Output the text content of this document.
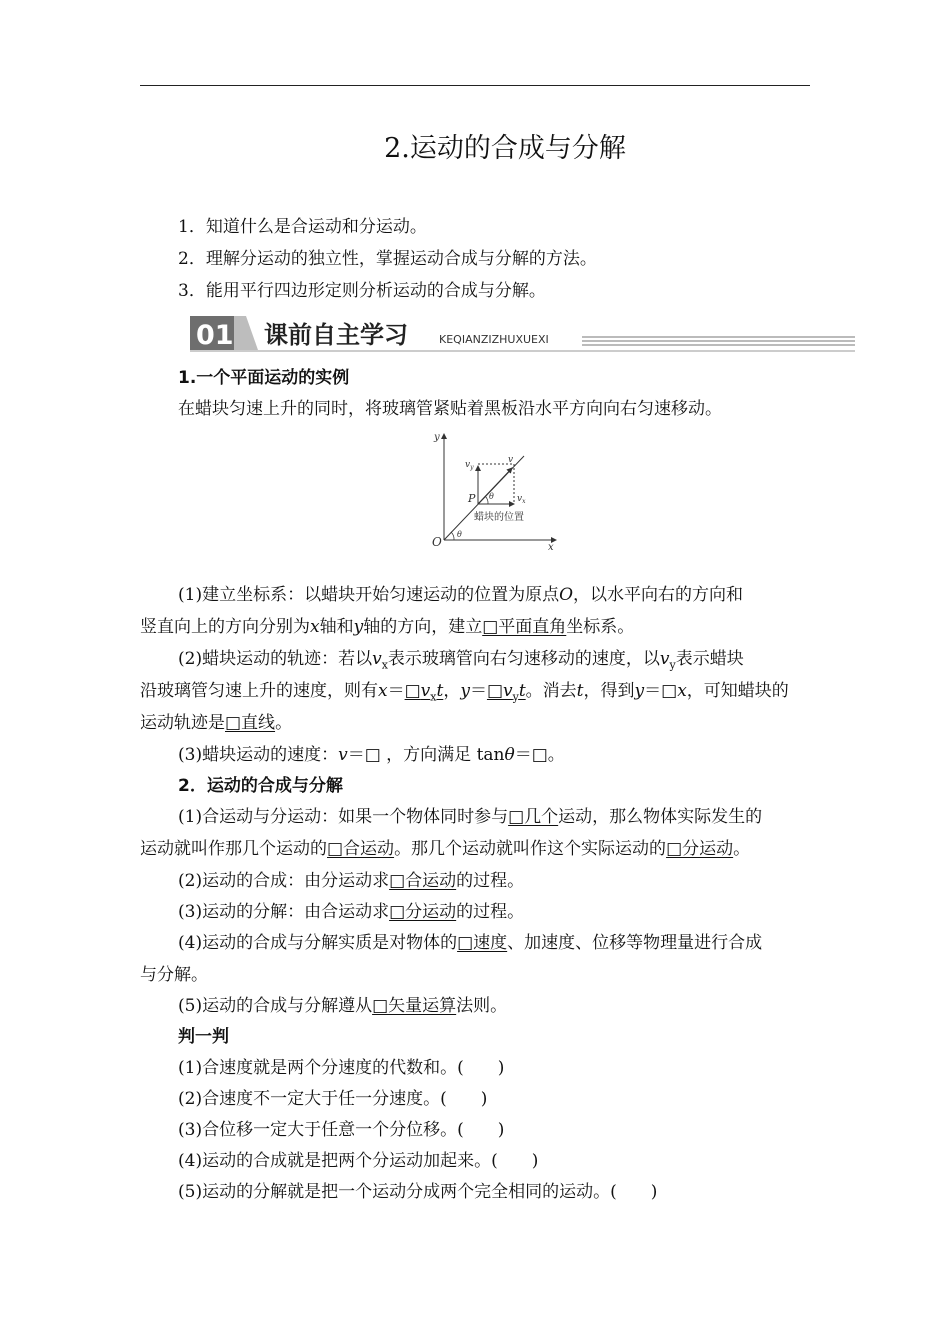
2.运动的合成与分解
1．知道什么是合运动和分运动。
2．理解分运动的独立性，掌握运动合成与分解的方法。
3．能用平行四边形定则分析运动的合成与分解。
01 课前自主学习	KEQIANZIZHUXUEXI
1.一个平面运动的实例
在蜡块匀速上升的同时，将玻璃管紧贴着黑板沿水平方向向右匀速移动。
y
x
O
P
v
$v_y$
$v_x$
θ
θ
蜡块的位置
(1)建立坐标系：以蜡块开始匀速运动的位置为原点O，以水平向右的方向和
竖直向上的方向分别为x轴和y轴的方向，建立□平面直角坐标系。
(2)蜡块运动的轨迹：若以$v_x$表示玻璃管向右匀速移动的速度，以$v_y$表示蜡块
沿玻璃管匀速上升的速度，则有$x=□v_xt$，$y=□v_yt$。消去t，得到y＝□x，可知蜡块的
运动轨迹是□直线。
(3)蜡块运动的速度：v＝□ ，方向满足 tanθ＝□。
2．运动的合成与分解
(1)合运动与分运动：如果一个物体同时参与□几个运动，那么物体实际发生的
运动就叫作那几个运动的□合运动。那几个运动就叫作这个实际运动的□分运动。
(2)运动的合成：由分运动求□合运动的过程。
(3)运动的分解：由合运动求□分运动的过程。
(4)运动的合成与分解实质是对物体的□速度、加速度、位移等物理量进行合成
与分解。
(5)运动的合成与分解遵从□矢量运算法则。
判一判
(1)合速度就是两个分速度的代数和。(　　)
(2)合速度不一定大于任一分速度。(　　)
(3)合位移一定大于任意一个分位移。(　　)
(4)运动的合成就是把两个分运动加起来。(　　)
(5)运动的分解就是把一个运动分成两个完全相同的运动。(　　)
